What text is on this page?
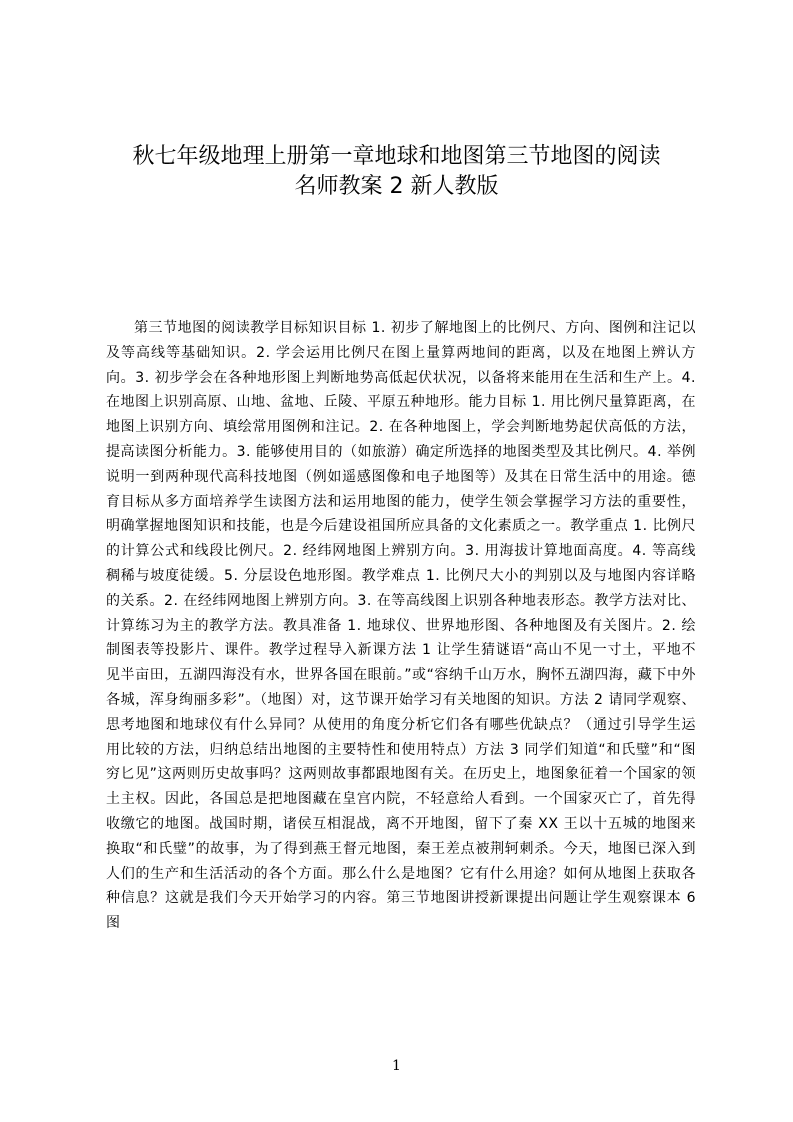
秋七年级地理上册第一章地球和地图第三节地图的阅读
名师教案 2 新人教版

第三节地图的阅读教学目标知识目标 1. 初步了解地图上的比例尺、方向、图例和注记以及等高线等基础知识。2. 学会运用比例尺在图上量算两地间的距离，以及在地图上辨认方向。3. 初步学会在各种地形图上判断地势高低起伏状况，以备将来能用在生活和生产上。4. 在地图上识别高原、山地、盆地、丘陵、平原五种地形。能力目标 1. 用比例尺量算距离，在地图上识别方向、填绘常用图例和注记。2. 在各种地图上，学会判断地势起伏高低的方法，提高读图分析能力。3. 能够使用目的（如旅游）确定所选择的地图类型及其比例尺。4. 举例说明一到两种现代高科技地图（例如遥感图像和电子地图等）及其在日常生活中的用途。德育目标从多方面培养学生读图方法和运用地图的能力，使学生领会掌握学习方法的重要性，明确掌握地图知识和技能，也是今后建设祖国所应具备的文化素质之一。教学重点 1. 比例尺的计算公式和线段比例尺。2. 经纬网地图上辨别方向。3. 用海拔计算地面高度。4. 等高线稠稀与坡度徒缓。5. 分层设色地形图。教学难点 1. 比例尺大小的判别以及与地图内容详略的关系。2. 在经纬网地图上辨别方向。3. 在等高线图上识别各种地表形态。教学方法对比、计算练习为主的教学方法。教具准备 1. 地球仪、世界地形图、各种地图及有关图片。2. 绘制图表等投影片、课件。教学过程导入新课方法 1 让学生猜谜语“高山不见一寸土，平地不见半亩田，五湖四海没有水，世界各国在眼前。”或“容纳千山万水，胸怀五湖四海，藏下中外各城，浑身绚丽多彩”。（地图）对，这节课开始学习有关地图的知识。方法 2 请同学观察、思考地图和地球仪有什么异同？从使用的角度分析它们各有哪些优缺点？（通过引导学生运用比较的方法，归纳总结出地图的主要特性和使用特点）方法 3 同学们知道“和氏璧”和“图穷匕见”这两则历史故事吗？这两则故事都跟地图有关。在历史上，地图象征着一个国家的领土主权。因此，各国总是把地图藏在皇宫内院，不轻意给人看到。一个国家灭亡了，首先得收缴它的地图。战国时期，诸侯互相混战，离不开地图，留下了秦 XX 王以十五城的地图来换取“和氏璧”的故事，为了得到燕王督元地图，秦王差点被荆轲刺杀。今天，地图已深入到人们的生产和生活活动的各个方面。那么什么是地图？它有什么用途？如何从地图上获取各种信息？这就是我们今天开始学习的内容。第三节地图讲授新课提出问题让学生观察课本 6 图

1
